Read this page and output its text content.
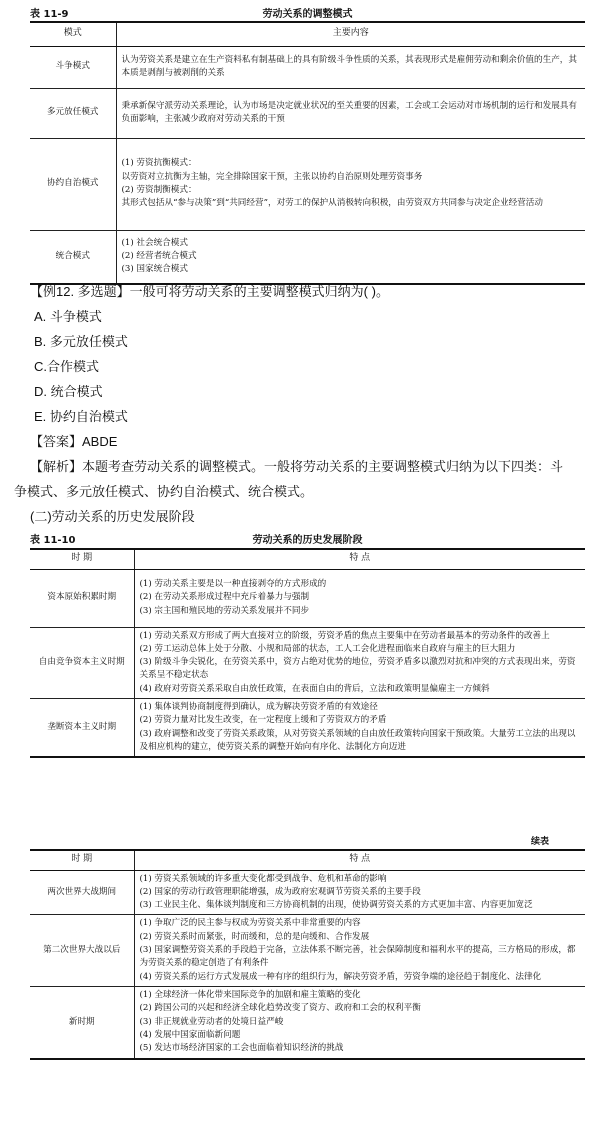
表 11-9	劳动关系的调整模式
模式	主要内容
斗争模式	认为劳资关系是建立在生产资料私有制基础上的具有阶级斗争性质的关系，其表现形式是雇佣劳动和剩余价值的生产，其本质是剥削与被剥削的关系

多元放任模式	秉承新保守派劳动关系理论，认为市场是决定就业状况的至关重要的因素，工会或工会运动对市场机制的运行和发展具有负面影响，主张减少政府对劳动关系的干预

协约自治模式	(1) 劳资抗衡模式：
以劳资对立抗衡为主轴，完全排除国家干预，主张以协约自治原则处理劳资事务
(2) 劳资制衡模式：
其形式包括从“参与决策”到“共同经营”，对劳工的保护从消极转向积极，由劳资双方共同参与决定企业经营活动

统合模式	(1) 社会统合模式
(2) 经营者统合模式
(3) 国家统合模式

【例12. 多选题】一般可将劳动关系的主要调整模式归纳为( )。

A. 斗争模式

B. 多元放任模式

C.合作模式

D. 统合模式

E. 协约自治模式

【答案】ABDE

【解析】本题考查劳动关系的调整模式。一般将劳动关系的主要调整模式归纳为以下四类：斗

争模式、多元放任模式、协约自治模式、统合模式。

(二)劳动关系的历史发展阶段

表 11-10	劳动关系的历史发展阶段
时 期	特 点
资本原始积累时期	(1) 劳动关系主要是以一种直接剥夺的方式形成的
(2) 在劳动关系形成过程中充斥着暴力与强制
(3) 宗主国和殖民地的劳动关系发展并不同步

自由竞争资本主义时期	(1) 劳动关系双方形成了两大直接对立的阶级，劳资矛盾的焦点主要集中在劳动者最基本的劳动条件的改善上
(2) 劳工运动总体上处于分散、小规和局部的状态，工人工会化进程面临来自政府与雇主的巨大阻力
(3) 阶级斗争尖锐化，在劳资关系中，资方占绝对优势的地位，劳资矛盾多以激烈对抗和冲突的方式表现出来，劳资关系呈不稳定状态
(4) 政府对劳资关系采取自由放任政策，在表面自由的背后，立法和政策明显偏雇主一方倾斜

垄断资本主义时期	(1) 集体谈判协商制度得到确认，成为解决劳资矛盾的有效途径
(2) 劳资力量对比发生改变，在一定程度上缓和了劳资双方的矛盾
(3) 政府调整和改变了劳资关系政策，从对劳资关系领域的自由放任政策转向国家干预政策。大量劳工立法的出现以及相应机构的建立，使劳资关系的调整开始向有序化、法制化方向迈进
续表
时 期	特 点
两次世界大战期间	(1) 劳资关系领域的许多重大变化都受到战争、危机和革命的影响
(2) 国家的劳动行政管理职能增强，成为政府宏观调节劳资关系的主要手段
(3) 工业民主化、集体谈判制度和三方协商机制的出现，使协调劳资关系的方式更加丰富、内容更加宽泛

第二次世界大战以后	(1) 争取广泛的民主参与权成为劳资关系中非常重要的内容
(2) 劳资关系时而紧张，时而缓和，总的是向缓和、合作发展
(3) 国家调整劳资关系的手段趋于完备，立法体系不断完善，社会保障制度和福利水平的提高，三方格局的形成，都为劳资关系的稳定创造了有利条件
(4) 劳资关系的运行方式发展成一种有序的组织行为，解决劳资矛盾，劳资争端的途径趋于制度化、法律化

新时期	(1) 全球经济一体化带来国际竞争的加剧和雇主策略的变化
(2) 跨国公司的兴起和经济全球化趋势改变了资方、政府和工会的权利平衡
(3) 非正规就业劳动者的处境日益严峻
(4) 发展中国家面临新问题
(5) 发达市场经济国家的工会也面临着知识经济的挑战
